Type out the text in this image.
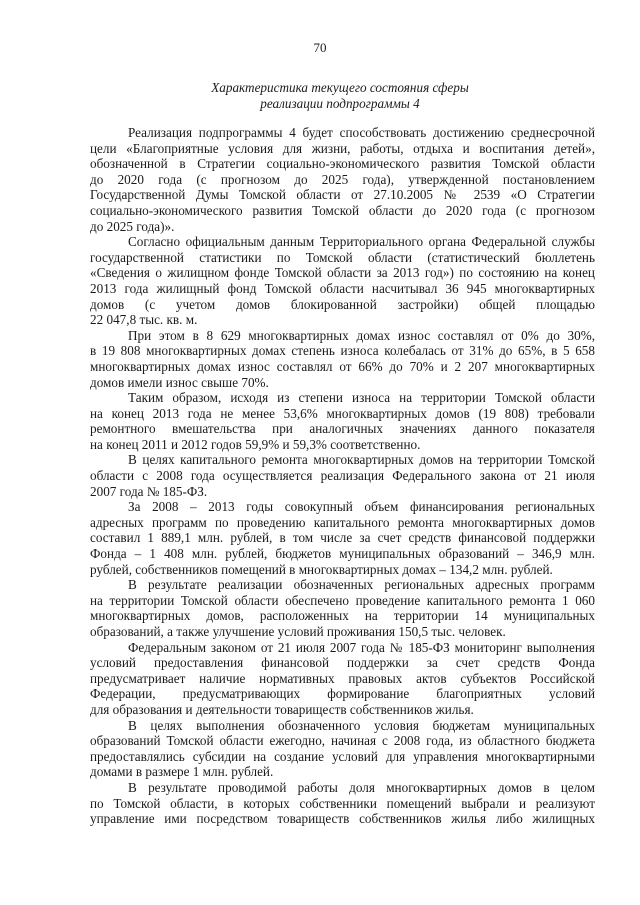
70
Характеристика текущего состояния сферы
реализации подпрограммы 4
Реализация подпрограммы 4 будет способствовать достижению среднесрочной
цели «Благоприятные условия для жизни, работы, отдыха и воспитания детей»,
обозначенной в Стратегии социально-экономического развития Томской области
до 2020 года (с прогнозом до 2025 года), утвержденной постановлением
Государственной Думы Томской области от 27.10.2005 № 2539 «О Стратегии
социально-экономического развития Томской области до 2020 года (с прогнозом
до 2025 года)».
Согласно официальным данным Территориального органа Федеральной службы
государственной статистики по Томской области (статистический бюллетень
«Сведения о жилищном фонде Томской области за 2013 год») по состоянию на конец
2013 года жилищный фонд Томской области насчитывал 36 945 многоквартирных
домов (с учетом домов блокированной застройки) общей площадью
22 047,8 тыс. кв. м.
При этом в 8 629 многоквартирных домах износ составлял от 0% до 30%,
в 19 808 многоквартирных домах степень износа колебалась от 31% до 65%, в 5 658
многоквартирных домах износ составлял от 66% до 70% и 2 207 многоквартирных
домов имели износ свыше 70%.
Таким образом, исходя из степени износа на территории Томской области
на конец 2013 года не менее 53,6% многоквартирных домов (19 808) требовали
ремонтного вмешательства при аналогичных значениях данного показателя
на конец 2011 и 2012 годов 59,9% и 59,3% соответственно.
В целях капитального ремонта многоквартирных домов на территории Томской
области с 2008 года осуществляется реализация Федерального закона от 21 июля
2007 года № 185-ФЗ.
За 2008 – 2013 годы совокупный объем финансирования региональных
адресных программ по проведению капитального ремонта многоквартирных домов
составил 1 889,1 млн. рублей, в том числе за счет средств финансовой поддержки
Фонда – 1 408 млн. рублей, бюджетов муниципальных образований – 346,9 млн.
рублей, собственников помещений в многоквартирных домах – 134,2 млн. рублей.
В результате реализации обозначенных региональных адресных программ
на территории Томской области обеспечено проведение капитального ремонта 1 060
многоквартирных домов, расположенных на территории 14 муниципальных
образований, а также улучшение условий проживания 150,5 тыс. человек.
Федеральным законом от 21 июля 2007 года № 185-ФЗ мониторинг выполнения
условий предоставления финансовой поддержки за счет средств Фонда
предусматривает наличие нормативных правовых актов субъектов Российской
Федерации, предусматривающих формирование благоприятных условий
для образования и деятельности товариществ собственников жилья.
В целях выполнения обозначенного условия бюджетам муниципальных
образований Томской области ежегодно, начиная с 2008 года, из областного бюджета
предоставлялись субсидии на создание условий для управления многоквартирными
домами в размере 1 млн. рублей.
В результате проводимой работы доля многоквартирных домов в целом
по Томской области, в которых собственники помещений выбрали и реализуют
управление ими посредством товариществ собственников жилья либо жилищных
